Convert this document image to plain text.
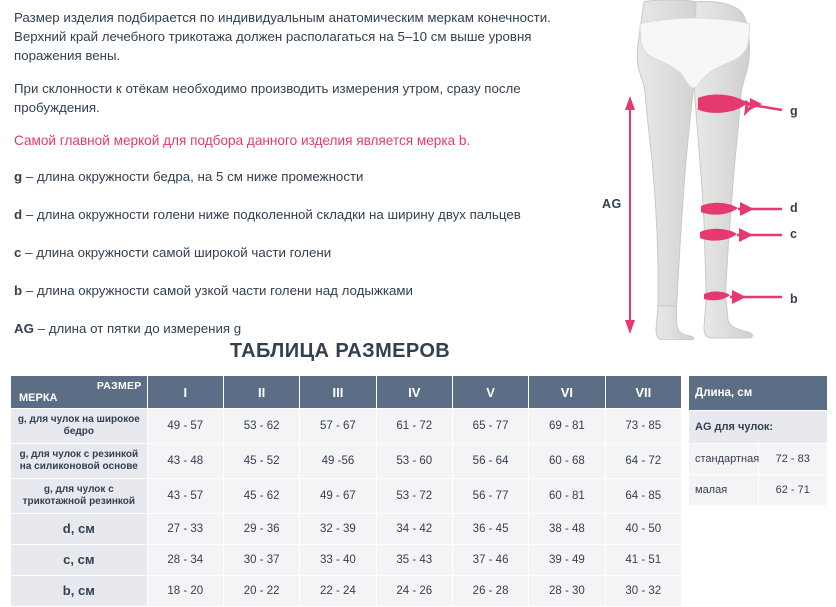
Размер изделия подбирается по индивидуальным анатомическим меркам конечности. Верхний край лечебного трикотажа должен располагаться на 5–10 см выше уровня поражения вены.

При склонности к отёкам необходимо производить измерения утром, сразу после пробуждения.

Самой главной меркой для подбора данного изделия является мерка b.

g – длина окружности бедра, на 5 см ниже промежности

d – длина окружности голени ниже подколенной складки на ширину двух пальцев

c – длина окружности самой широкой части голени

b – длина окружности самой узкой части голени над лодыжками

AG – длина от пятки до измерения g

g
d
c
b
AG
ТАБЛИЦА РАЗМЕРОВ
РАЗМЕР
МЕРКА	I	II	III	IV	V	VI	VII
g, для чулок на широкое бедро	49 - 57	53 - 62	57 - 67	61 - 72	65 - 77	69 - 81	73 - 85
g, для чулок с резинкой на силиконовой основе	43 - 48	45 - 52	49 -56	53 - 60	56 - 64	60 - 68	64 - 72
g, для чулок с трикотажной резинкой	43 - 57	45 - 62	49 - 67	53 - 72	56 - 77	60 - 81	64 - 85
d, см	27 - 33	29 - 36	32 - 39	34 - 42	36 - 45	38 - 48	40 - 50
c, см	28 - 34	30 - 37	33 - 40	35 - 43	37 - 46	39 - 49	41 - 51
b, см	18 - 20	20 - 22	22 - 24	24 - 26	26 - 28	28 - 30	30 - 32
Длина, см	
AG для чулок:	
стандартная	72 - 83
малая	62 - 71
